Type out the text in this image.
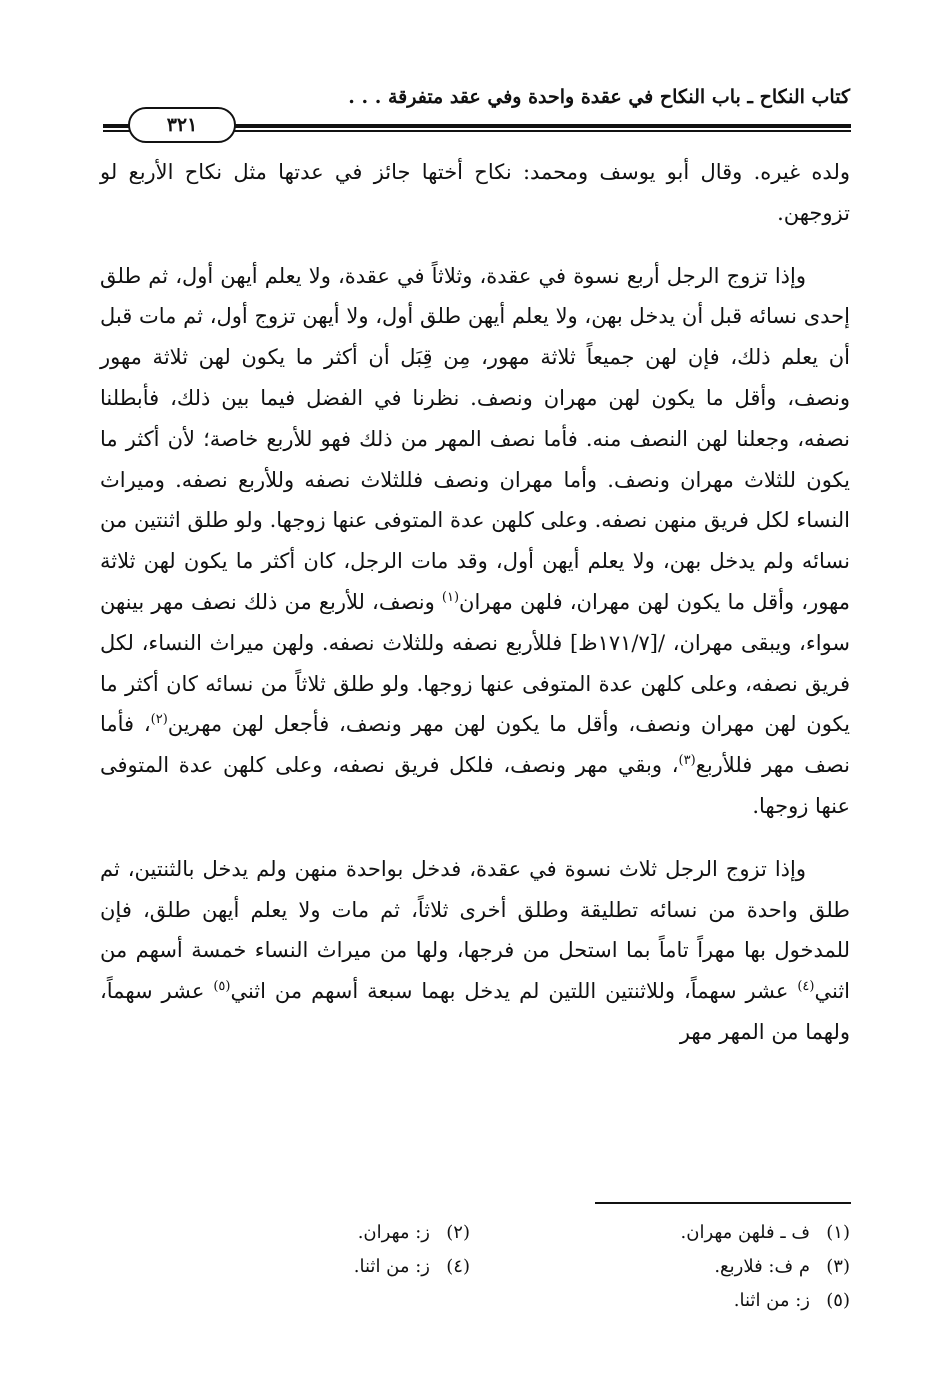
كتاب النكاح ـ باب النكاح في عقدة واحدة وفي عقد متفرقة . . .
٣٢١

ولده غيره. وقال أبو يوسف ومحمد: نكاح أختها جائز في عدتها مثل نكاح الأربع لو تزوجهن.

وإذا تزوج الرجل أربع نسوة في عقدة، وثلاثاً في عقدة، ولا يعلم أيهن أول، ثم طلق إحدى نسائه قبل أن يدخل بهن، ولا يعلم أيهن طلق أول، ولا أيهن تزوج أول، ثم مات قبل أن يعلم ذلك، فإن لهن جميعاً ثلاثة مهور، مِن قِبَل أن أكثر ما يكون لهن ثلاثة مهور ونصف، وأقل ما يكون لهن مهران ونصف. نظرنا في الفضل فيما بين ذلك، فأبطلنا نصفه، وجعلنا لهن النصف منه. فأما نصف المهر من ذلك فهو للأربع خاصة؛ لأن أكثر ما يكون للثلاث مهران ونصف. وأما مهران ونصف فللثلاث نصفه وللأربع نصفه. وميراث النساء لكل فريق منهن نصفه. وعلى كلهن عدة المتوفى عنها زوجها. ولو طلق اثنتين من نسائه ولم يدخل بهن، ولا يعلم أيهن أول، وقد مات الرجل، كان أكثر ما يكون لهن ثلاثة مهور، وأقل ما يكون لهن مهران، فلهن مهران$^{(١)}$ ونصف، للأربع من ذلك نصف مهر بينهن سواء، ويبقى مهران، /[١٧١/٧ظ] فللأربع نصفه وللثلاث نصفه. ولهن ميراث النساء، لكل فريق نصفه، وعلى كلهن عدة المتوفى عنها زوجها. ولو طلق ثلاثاً من نسائه كان أكثر ما يكون لهن مهران ونصف، وأقل ما يكون لهن مهر ونصف، فأجعل لهن مهرين$^{(٢)}$، فأما نصف مهر فللأربع$^{(٣)}$، وبقي مهر ونصف، فلكل فريق نصفه، وعلى كلهن عدة المتوفى عنها زوجها.

وإذا تزوج الرجل ثلاث نسوة في عقدة، فدخل بواحدة منهن ولم يدخل بالثنتين، ثم طلق واحدة من نسائه تطليقة وطلق أخرى ثلاثاً، ثم مات ولا يعلم أيهن طلق، فإن للمدخول بها مهراً تاماً بما استحل من فرجها، ولها من ميراث النساء خمسة أسهم من اثني$^{(٤)}$ عشر سهماً، وللاثنتين اللتين لم يدخل بهما سبعة أسهم من اثني$^{(٥)}$ عشر سهماً، ولهما من المهر مهر

(١)ف ـ فلهن مهران.
(٢)ز: مهران.
(٣)م ف: فلاربع.
(٤)ز: من اثنا.
(٥)ز: من اثنا.
